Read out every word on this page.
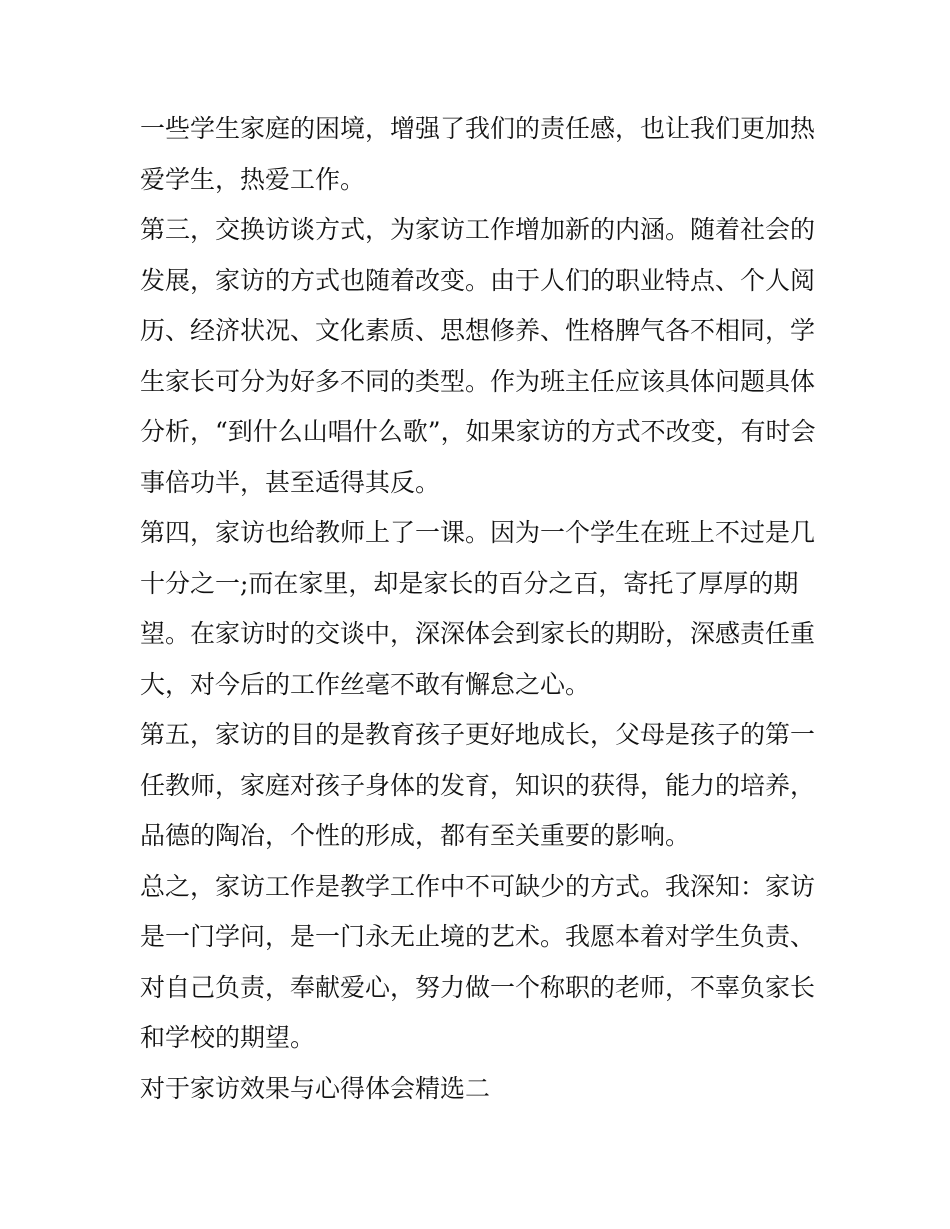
一些学生家庭的困境，增强了我们的责任感，也让我们更加热

爱学生，热爱工作。

第三，交换访谈方式，为家访工作增加新的内涵。随着社会的

发展，家访的方式也随着改变。由于人们的职业特点、个人阅

历、经济状况、文化素质、思想修养、性格脾气各不相同，学

生家长可分为好多不同的类型。作为班主任应该具体问题具体

分析，“到什么山唱什么歌”，如果家访的方式不改变，有时会

事倍功半，甚至适得其反。

第四，家访也给教师上了一课。因为一个学生在班上不过是几

十分之一;而在家里，却是家长的百分之百，寄托了厚厚的期

望。在家访时的交谈中，深深体会到家长的期盼，深感责任重

大，对今后的工作丝毫不敢有懈怠之心。

第五，家访的目的是教育孩子更好地成长，父母是孩子的第一

任教师，家庭对孩子身体的发育，知识的获得，能力的培养，

品德的陶冶，个性的形成，都有至关重要的影响。

总之，家访工作是教学工作中不可缺少的方式。我深知：家访

是一门学问，是一门永无止境的艺术。我愿本着对学生负责、

对自己负责，奉献爱心，努力做一个称职的老师，不辜负家长

和学校的期望。

对于家访效果与心得体会精选二
